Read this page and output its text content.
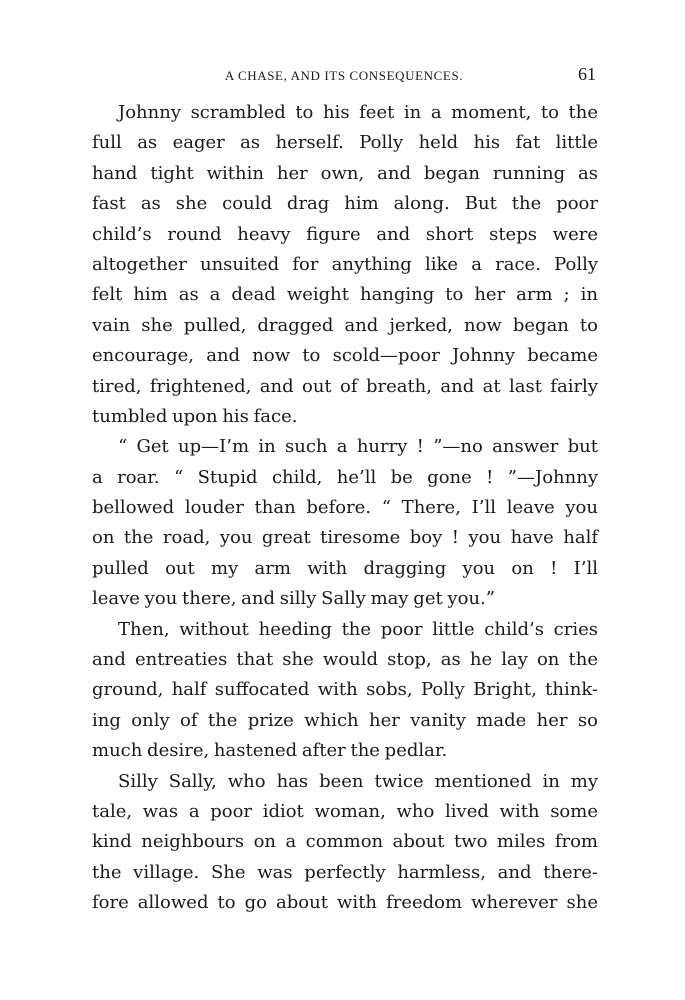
A CHASE, AND ITS CONSEQUENCES.	61
Johnny scrambled to his feet in a moment, to the
full as eager as herself. Polly held his fat little
hand tight within her own, and began running as
fast as she could drag him along. But the poor
child’s round heavy figure and short steps were
altogether unsuited for anything like a race. Polly
felt him as a dead weight hanging to her arm ; in
vain she pulled, dragged and jerked, now began to
encourage, and now to scold—poor Johnny became
tired, frightened, and out of breath, and at last fairly
tumbled upon his face.
“ Get up—I’m in such a hurry ! ”—no answer but
a roar. “ Stupid child, he’ll be gone ! ”—Johnny
bellowed louder than before. “ There, I’ll leave you
on the road, you great tiresome boy ! you have half
pulled out my arm with dragging you on ! I’ll
leave you there, and silly Sally may get you.”
Then, without heeding the poor little child’s cries
and entreaties that she would stop, as he lay on the
ground, half suffocated with sobs, Polly Bright, think-
ing only of the prize which her vanity made her so
much desire, hastened after the pedlar.
Silly Sally, who has been twice mentioned in my
tale, was a poor idiot woman, who lived with some
kind neighbours on a common about two miles from
the village. She was perfectly harmless, and there-
fore allowed to go about with freedom wherever she
